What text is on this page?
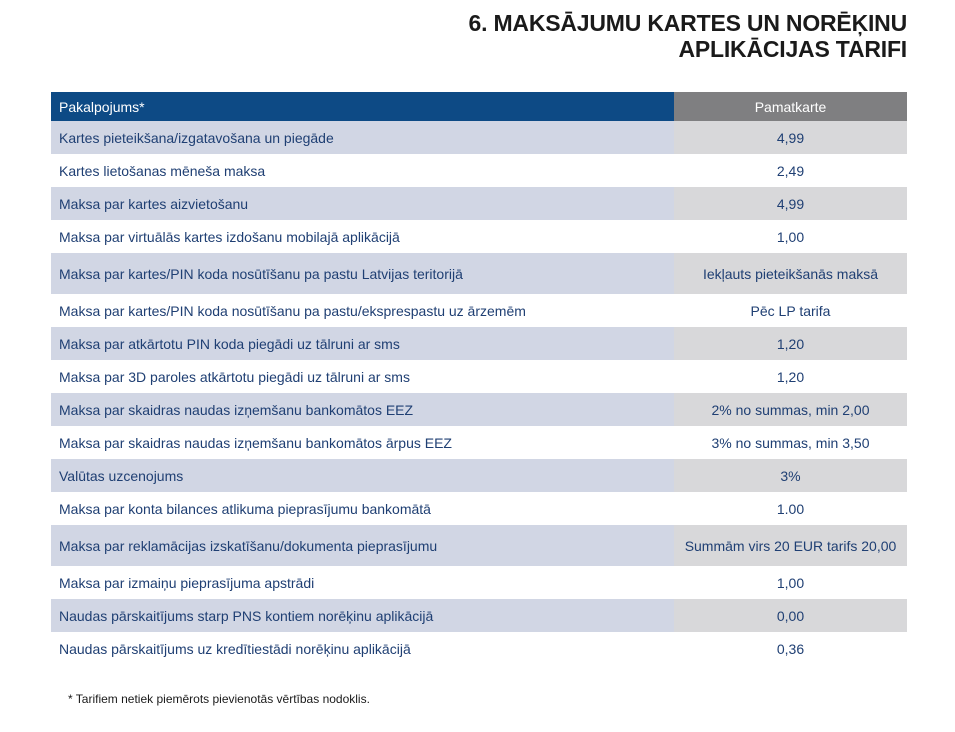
6. MAKSĀJUMU KARTES UN NORĒĶINU
APLIKĀCIJAS TARIFI
Pakalpojums*	Pamatkarte
Kartes pieteikšana/izgatavošana un piegāde	4,99
Kartes lietošanas mēneša maksa	2,49
Maksa par kartes aizvietošanu	4,99
Maksa par virtuālās kartes izdošanu mobilajā aplikācijā	1,00
Maksa par kartes/PIN koda nosūtīšanu pa pastu Latvijas teritorijā	Iekļauts pieteikšanās maksā
Maksa par kartes/PIN koda nosūtīšanu pa pastu/eksprespastu uz ārzemēm	Pēc LP tarifa
Maksa par atkārtotu PIN koda piegādi uz tālruni ar sms	1,20
Maksa par 3D paroles atkārtotu piegādi uz tālruni ar sms	1,20
Maksa par skaidras naudas izņemšanu bankomātos EEZ	2% no summas, min 2,00
Maksa par skaidras naudas izņemšanu bankomātos ārpus EEZ	3% no summas, min 3,50
Valūtas uzcenojums	3%
Maksa par konta bilances atlikuma pieprasījumu bankomātā	1.00
Maksa par reklamācijas izskatīšanu/dokumenta pieprasījumu	Summām virs 20 EUR tarifs 20,00
Maksa par izmaiņu pieprasījuma apstrādi	1,00
Naudas pārskaitījums starp PNS kontiem norēķinu aplikācijā	0,00
Naudas pārskaitījums uz kredītiestādi norēķinu aplikācijā	0,36
* Tarifiem netiek piemērots pievienotās vērtības nodoklis.
